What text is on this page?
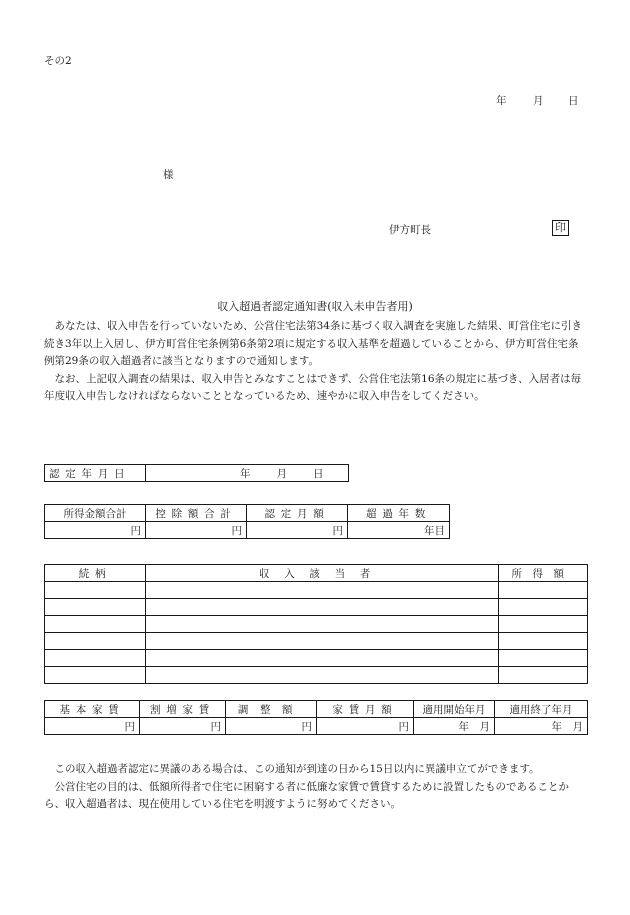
その2
年	月 日
様
伊方町長	印
収入超過者認定通知書(収入未申告者用)

あなたは、収入申告を行っていないため、公営住宅法第34条に基づく収入調査を実施した結果、町営住宅に引き続き3年以上入居し、伊方町営住宅条例第6条第2項に規定する収入基準を超過していることから、伊方町営住宅条例第29条の収入超過者に該当となりますので通知します。

なお、上記収入調査の結果は、収入申告とみなすことはできず、公営住宅法第16条の規定に基づき、入居者は毎年度収入申告しなければならないこととなっているため、速やかに収入申告をしてください。

認定年月日	年 月 日
所得金額合計	控除額合計	認定月額	超過年数
円	円	円	年目
続柄	収入該当者	所得額

基本家賃	割増家賃	調整額	家賃月額	適用開始年月	適用終了年月
円	円	円	円	年　月	年　月

この収入超過者認定に異議のある場合は、この通知が到達の日から15日以内に異議申立てができます。

公営住宅の目的は、低額所得者で住宅に困窮する者に低廉な家賃で賃貸するために設置したものであることから、収入超過者は、現在使用している住宅を明渡すように努めてください。
